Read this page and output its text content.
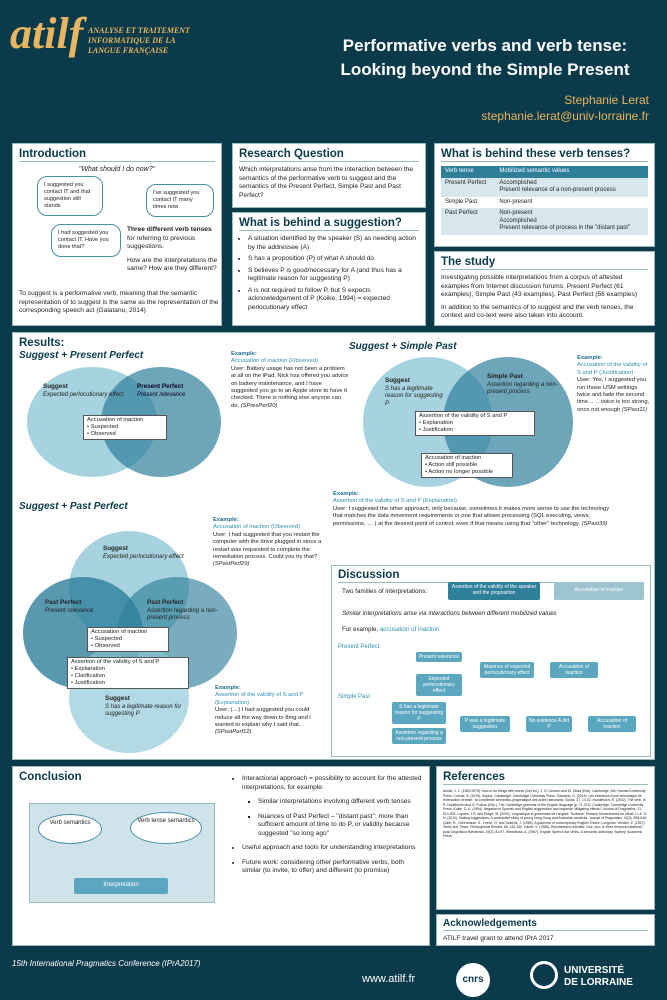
atilf ANALYSE ET TRAITEMENT INFORMATIQUE DE LA LANGUE FRANÇAISE	Performative verbs and verb tense:
Looking beyond the Simple Present
Stephanie Lerat
stephanie.lerat@univ-lorraine.fr
Introduction
"What should I do now?"
I suggested you contact IT and that suggestion still stands
I've suggested you contact IT many times now
I had suggested you contact IT. Have you done that?

Three different verb tenses for referring to previous suggestions.

How are the interpretations the same? How are they different?

To suggest is a performative verb, meaning that the semantic representation of to suggest is the same as the representation of the corresponding speech act (Galatanu, 2014)

Research Question

Which interpretations arise from the interaction between the semantics of the performative verb to suggest and the semantics of the Present Perfect, Simple Past and Past Perfect?

What is behind a suggestion?
• A situation identified by the speaker (S) as needing action by the addressee (A)
• S has a proposition (P) of what A should do
• S believes P is good/necessary for A (and thus has a legitimate reason for suggesting P)
• A is not required to follow P, but S expects acknowledgement of P (Koike, 1994) = expected perlocutionary effect
What is behind these verb tenses?
Verb tense	Mobilized semantic values
Present Perfect	Accomplished
Present relevance of a non-present process
Simple Past	Non-present
Past Perfect	Non-present
Accomplished
Present relevance of process in the "distant past"
The study

Investigating possible interpretations from a corpus of attested examples from Internet discussion forums: Present Perfect (61 examples), Simple Past (43 examples), Past Perfect (56 examples)

In addition to the semantics of to suggest and the verb tenses, the context and co-text were also taken into account.

Results:
Suggest + Present Perfect
Suggest + Simple Past
Suggest + Past Perfect
Suggest
Expected perlocutionary effect
Present Perfect
Present relevance
Accusation of inaction
• Suspected
• Observed
Example:
Accusation of inaction (Observed)
User: Battery usage has not been a problem at all on the iPad. Nick has offered you advice on battery maintenance, and I have suggested you go to an Apple store to have it checked. There is nothing else anyone can do. (SPresPerf20)
Suggest
S has a legitimate reason for suggesting P
Simple Past
Assertion regarding a non-present process
Assertion of the validity of S and P
• Explanation
• Justification
Accusation of inaction
• Action still possible
• Action no longer possible
Example:
Accusation of the validity of S and P (Justification)
User: Yes, I suggested you run those USM settings twice and fade the second time… …twice is too strong, once not enough (SPast11)
Example:
Assertion of the validity of S and P (Explanation)
User: I suggested the other approach, only because, sometimes it makes more sense to use the technology that matches the data movement requirements or one that allows processing (SQL executing, views, permissions, … ) at the desired point of control; even if that means using that "other" technology. (SPast39)
Suggest
Expected perlocutionary effect
Past Perfect
Present relevance
Past Perfect
Assertion regarding a non-present process
Accusation of inaction
• Suspected
• Observed
Assertion of the validity of S and P
• Explanation
• Clarification
• Justification
Suggest
S has a legitimate reason for suggesting P
Example:
Accusation of inaction (Observed)
User: I had suggested that you restart the computer with the drive plugged in since a restart was requested to complete the remediation process. Could you try that? (SPastPerf29)
Example:
Assertion of the validity of S and P (Explanation)
User: (…) I had suggested you could reduce all the way down to 8mg and i wanted to explain why I said that. (SPastPerf12)
Discussion
Two families of interpretations:
Assertion of the validity of the speaker and the proposition	Accusation of inaction
Similar interpretations arise via interactions between different mobilized values
For example, accusation of inaction
Present Perfect
Present relevance
Expected perlocutionary effect
Absence of expected perlocutionary effect
Accusation of inaction
Simple Past
S has a legitimate reason for suggesting P
Assertion regarding a non-present process
P was a legitimate suggestion
No evidence A did P
Accusation of inaction
Conclusion
Verb semantics	Verb tense semantics
Interpretation
• Interactional approach = possibility to account for the attested interpretations, for example:
▪ Similar interpretations involving different verb tenses
▪ Nuances of Past Perfect – "distant past": more than sufficient amount of time to do P, or validity because suggested "so long ago"
• Useful approach and tools for understanding interpretations
• Future work: considering other performative verbs, both similar (to invite, to offer) and different (to promise)
References
Austin, J. L. (1962/1975). How to do things with words (2nd ed.). J. O. Urmson and M. Sbisà (Eds). Cambridge, MA: Harvard University Press. Comrie, B. (1976). Aspect. Cambridge: Cambridge University Press. Galatanu, O. (2014). Les interfaces d'une sémantique de l'interaction verbale : la complexité sémantico-pragmatique des actes rassurants. Scolia, 27, 13-32. Huddleston, R. (2002). The verb. In R. Huddleston and G. Pullum (Eds.), The Cambridge grammar of the English language (p. 71-212). Cambridge: Cambridge University Press. Koike, D. A. (1994). Negation in Spanish and English suggestions and requests: Mitigating effects? Journal of Pragmatics, 21, 513-526. Lapaire, J.R. and Rotgé, W. (2002). Linguistique et grammaire de l'anglais. Toulouse: Presses Universitaires du Mirail. Li, E. S. H. (2010). Making suggestions: A contrastive study of young Hong Kong and Australian students. Journal of Pragmatics, 42(3), 598-616. Quirk, R., Greenbaum, S., Leech, G. and Svartvik, J. (1985). A grammar of contemporary English. Essex: Longman. Vendler, Z. (1957). Verbs and Times. Philosophical Review, 66, 143-160. Vikner, S. (1985). Reichenbach revisited: One, two, or three temporal relations? Acta Linguistica Hafniensia, 19(2), 81-97. Wierzbicka, A. (1987). English Speech Act Verbs. A semantic dictionary. Sydney: Academic Press.
Acknowledgements

ATILF travel grant to attend IPrA 2017

15th International Pragmatics Conference (IPrA2017)
www.atilf.fr	cnrs
UNIVERSITÉ
DE LORRAINE
